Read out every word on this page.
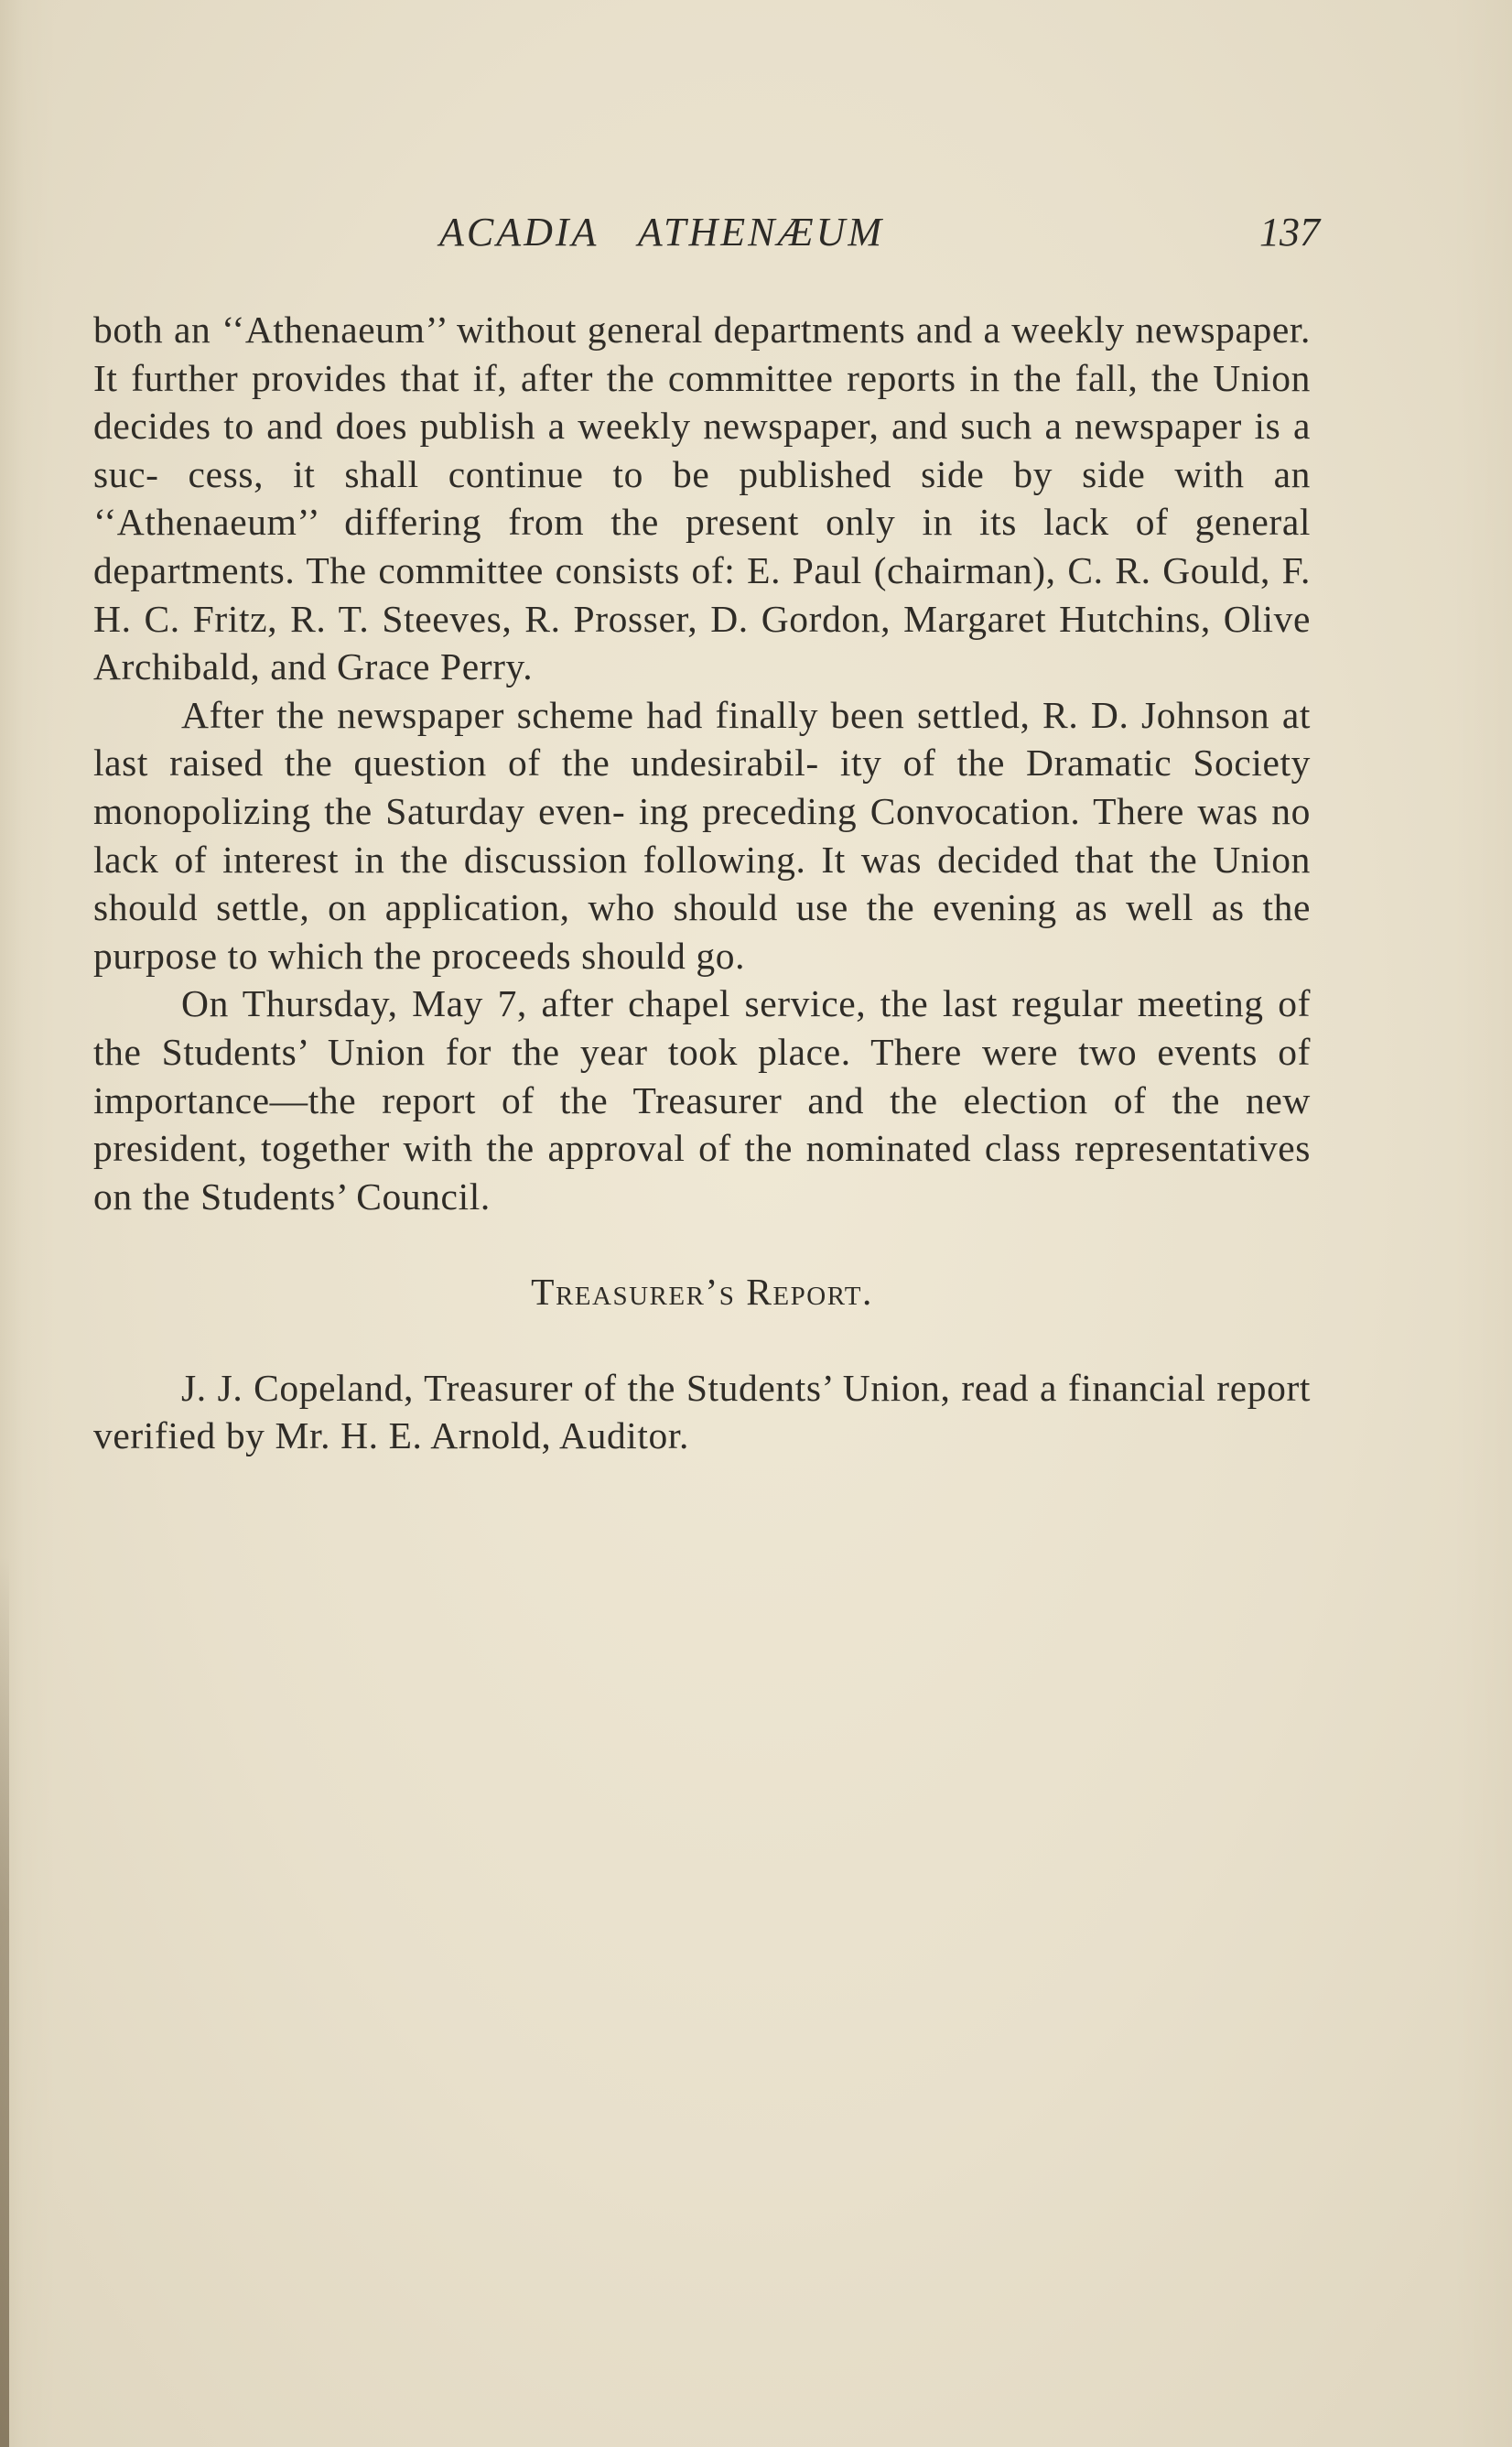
ACADIA ATHENÆUM	137

both an ‘‘Athenaeum’’ without general departments and a weekly newspaper. It further provides that if, after the committee reports in the fall, the Union decides to and does publish a weekly newspaper, and such a newspaper is a suc- cess, it shall continue to be published side by side with an ‘‘Athenaeum’’ differing from the present only in its lack of general departments. The committee consists of: E. Paul (chairman), C. R. Gould, F. H. C. Fritz, R. T. Steeves, R. Prosser, D. Gordon, Margaret Hutchins, Olive Archibald, and Grace Perry.

After the newspaper scheme had finally been settled, R. D. Johnson at last raised the question of the undesirabil- ity of the Dramatic Society monopolizing the Saturday even- ing preceding Convocation. There was no lack of interest in the discussion following. It was decided that the Union should settle, on application, who should use the evening as well as the purpose to which the proceeds should go.

On Thursday, May 7, after chapel service, the last regular meeting of the Students’ Union for the year took place. There were two events of importance—the report of the Treasurer and the election of the new president, together with the approval of the nominated class representatives on the Students’ Council.

Treasurer’s Report.

J. J. Copeland, Treasurer of the Students’ Union, read a financial report verified by Mr. H. E. Arnold, Auditor.
